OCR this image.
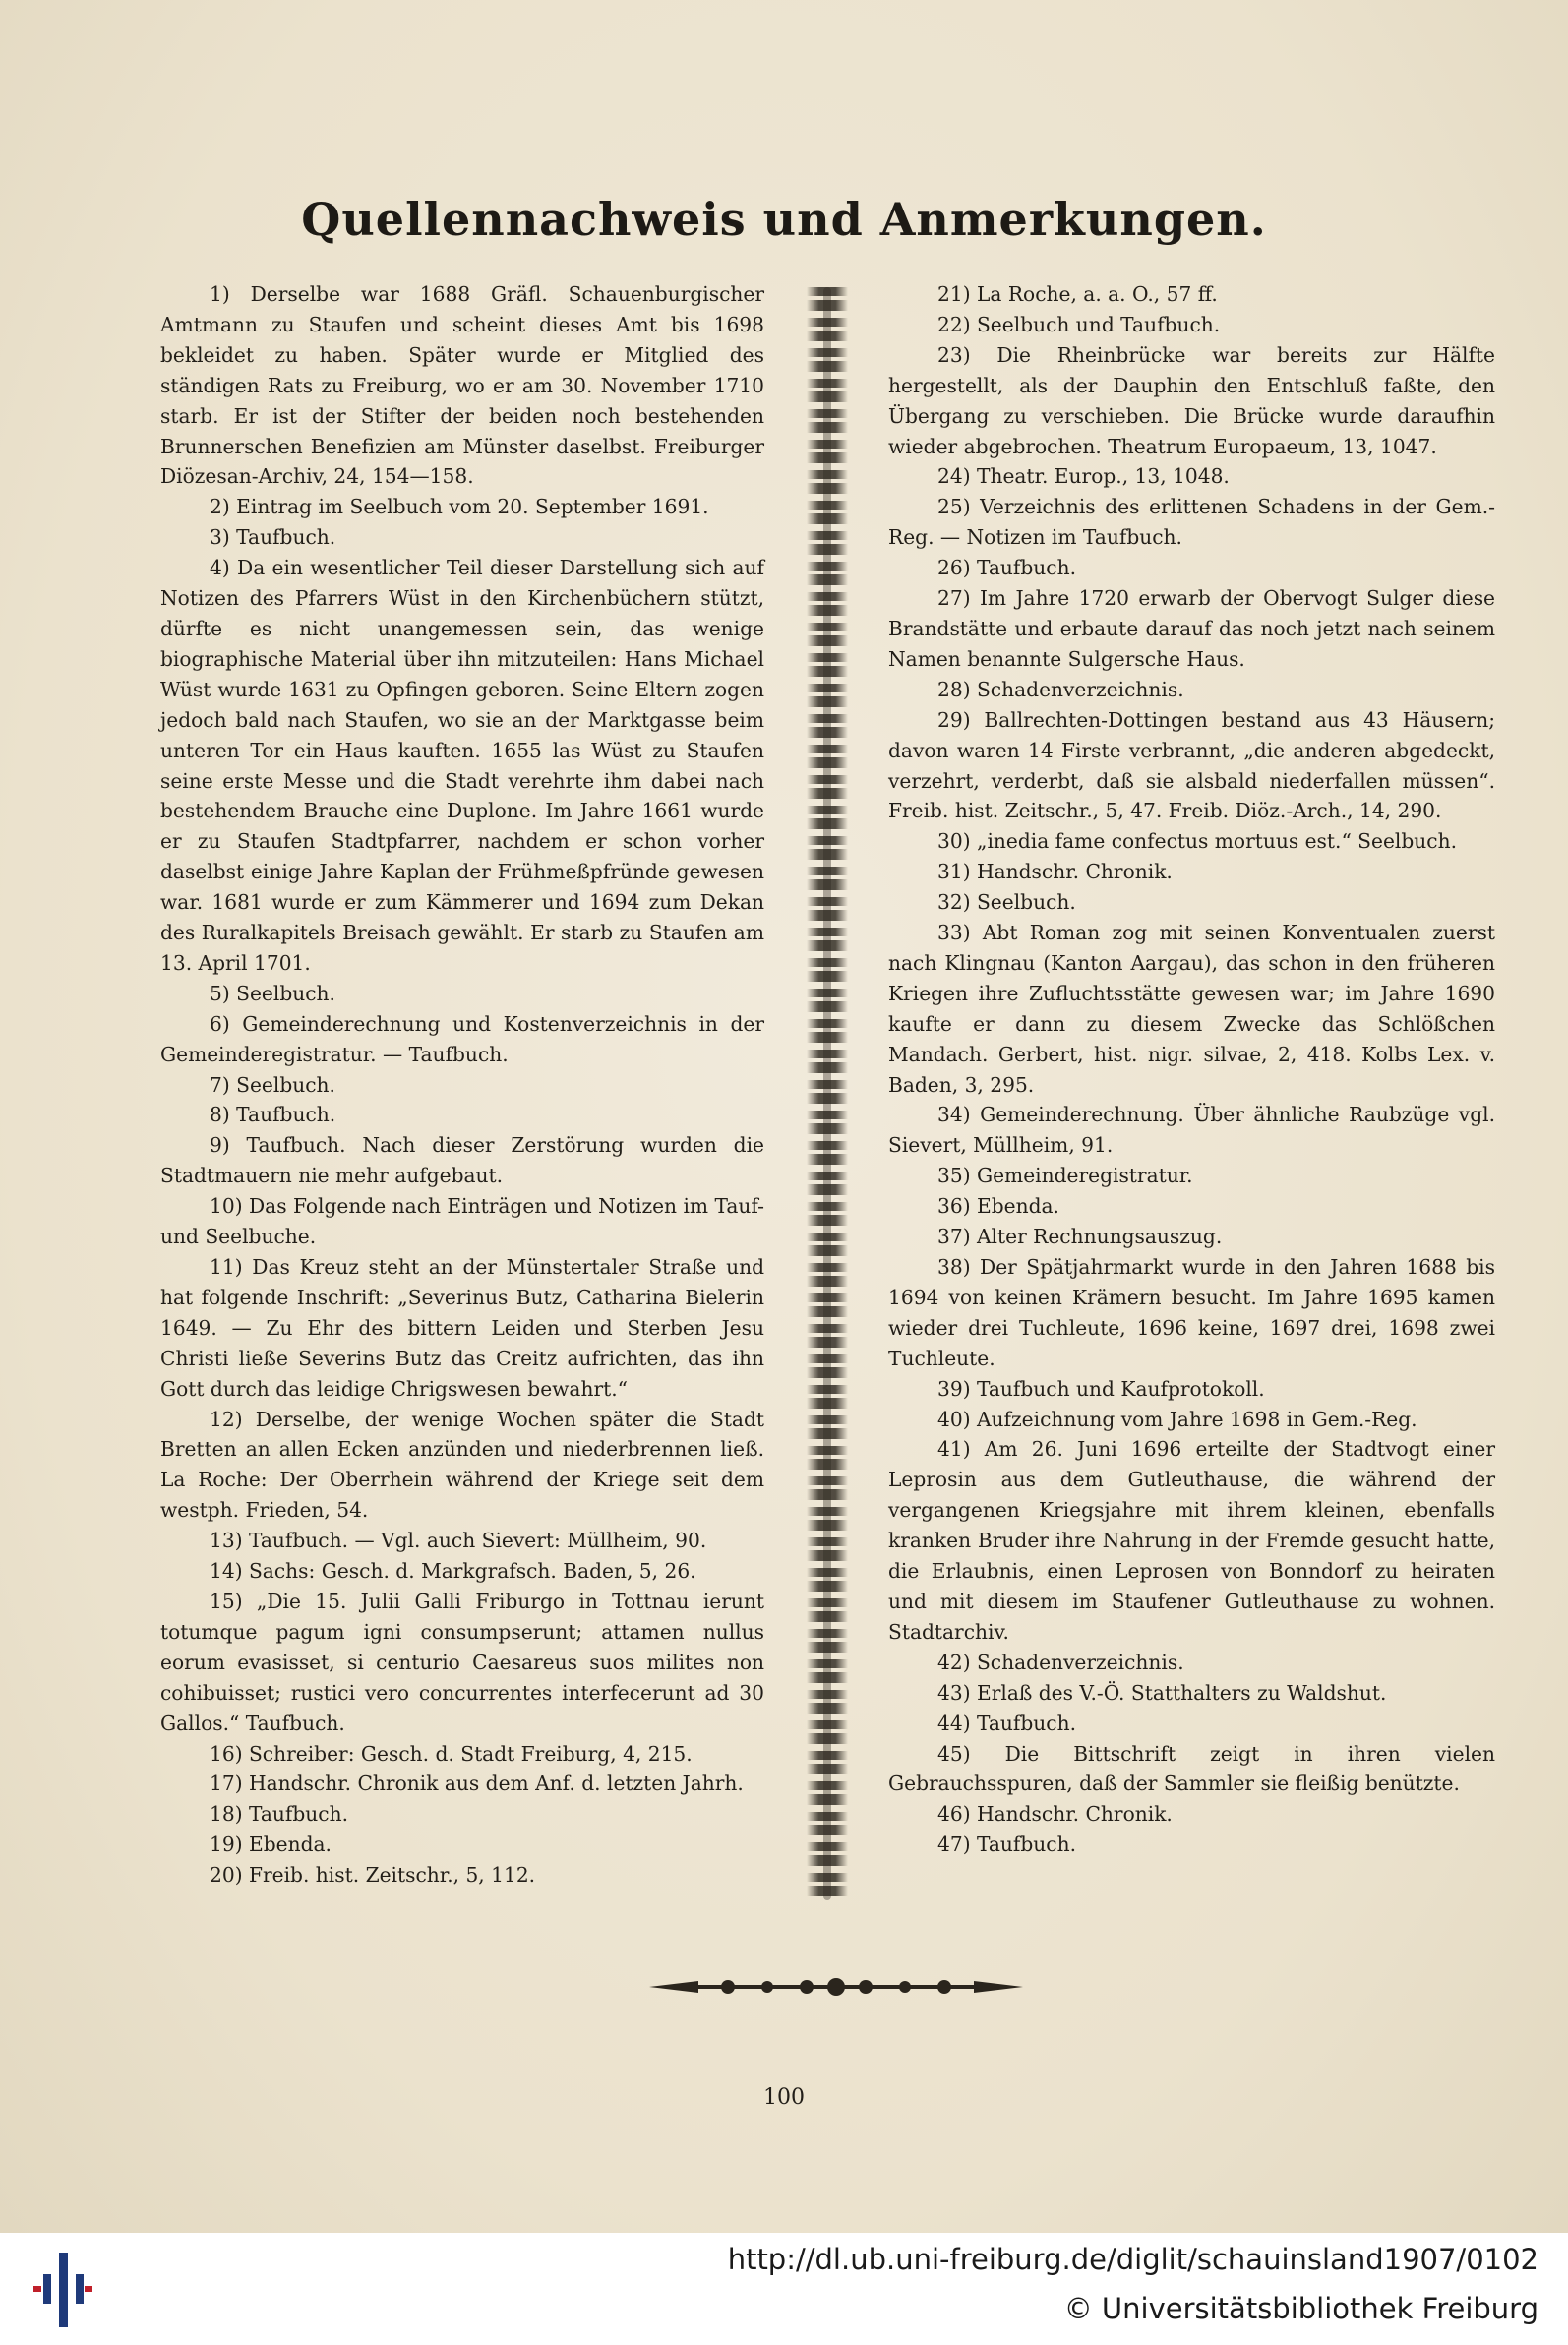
Quellennachweis und Anmerkungen.

1) Derselbe war 1688 Gräfl. Schauenburgischer Amtmann zu Staufen und scheint dieses Amt bis 1698 bekleidet zu haben. Später wurde er Mitglied des ständigen Rats zu Freiburg, wo er am 30. November 1710 starb. Er ist der Stifter der beiden noch bestehenden Brunnerschen Benefizien am Münster daselbst. Freiburger Diözesan-Archiv, 24, 154—158.

2) Eintrag im Seelbuch vom 20. September 1691.

3) Taufbuch.

4) Da ein wesentlicher Teil dieser Darstellung sich auf Notizen des Pfarrers Wüst in den Kirchenbüchern stützt, dürfte es nicht unangemessen sein, das wenige biographische Material über ihn mitzuteilen: Hans Michael Wüst wurde 1631 zu Opfingen geboren. Seine Eltern zogen jedoch bald nach Staufen, wo sie an der Marktgasse beim unteren Tor ein Haus kauften. 1655 las Wüst zu Staufen seine erste Messe und die Stadt verehrte ihm dabei nach bestehendem Brauche eine Duplone. Im Jahre 1661 wurde er zu Staufen Stadtpfarrer, nachdem er schon vorher daselbst einige Jahre Kaplan der Frühmeßpfründe gewesen war. 1681 wurde er zum Kämmerer und 1694 zum Dekan des Ruralkapitels Breisach gewählt. Er starb zu Staufen am 13. April 1701.

5) Seelbuch.

6) Gemeinderechnung und Kostenverzeichnis in der Gemeinderegistratur. — Taufbuch.

7) Seelbuch.

8) Taufbuch.

9) Taufbuch. Nach dieser Zerstörung wurden die Stadtmauern nie mehr aufgebaut.

10) Das Folgende nach Einträgen und Notizen im Tauf- und Seelbuche.

11) Das Kreuz steht an der Münstertaler Straße und hat folgende Inschrift: „Severinus Butz, Catharina Bielerin 1649. — Zu Ehr des bittern Leiden und Sterben Jesu Christi ließe Severins Butz das Creitz aufrichten, das ihn Gott durch das leidige Chrigswesen bewahrt.“

12) Derselbe, der wenige Wochen später die Stadt Bretten an allen Ecken anzünden und niederbrennen ließ. La Roche: Der Oberrhein während der Kriege seit dem westph. Frieden, 54.

13) Taufbuch. — Vgl. auch Sievert: Müllheim, 90.

14) Sachs: Gesch. d. Markgrafsch. Baden, 5, 26.

15) „Die 15. Julii Galli Friburgo in Tottnau ierunt totumque pagum igni consumpserunt; attamen nullus eorum evasisset, si centurio Caesareus suos milites non cohibuisset; rustici vero concurrentes interfecerunt ad 30 Gallos.“ Taufbuch.

16) Schreiber: Gesch. d. Stadt Freiburg, 4, 215.

17) Handschr. Chronik aus dem Anf. d. letzten Jahrh.

18) Taufbuch.

19) Ebenda.

20) Freib. hist. Zeitschr., 5, 112.

21) La Roche, a. a. O., 57 ff.

22) Seelbuch und Taufbuch.

23) Die Rheinbrücke war bereits zur Hälfte hergestellt, als der Dauphin den Entschluß faßte, den Übergang zu verschieben. Die Brücke wurde daraufhin wieder abgebrochen. Theatrum Europaeum, 13, 1047.

24) Theatr. Europ., 13, 1048.

25) Verzeichnis des erlittenen Schadens in der Gem.-Reg. — Notizen im Taufbuch.

26) Taufbuch.

27) Im Jahre 1720 erwarb der Obervogt Sulger diese Brandstätte und erbaute darauf das noch jetzt nach seinem Namen benannte Sulgersche Haus.

28) Schadenverzeichnis.

29) Ballrechten-Dottingen bestand aus 43 Häusern; davon waren 14 Firste verbrannt, „die anderen abgedeckt, verzehrt, verderbt, daß sie alsbald niederfallen müssen“. Freib. hist. Zeitschr., 5, 47. Freib. Diöz.-Arch., 14, 290.

30) „inedia fame confectus mortuus est.“ Seelbuch.

31) Handschr. Chronik.

32) Seelbuch.

33) Abt Roman zog mit seinen Konventualen zuerst nach Klingnau (Kanton Aargau), das schon in den früheren Kriegen ihre Zufluchtsstätte gewesen war; im Jahre 1690 kaufte er dann zu diesem Zwecke das Schlößchen Mandach. Gerbert, hist. nigr. silvae, 2, 418. Kolbs Lex. v. Baden, 3, 295.

34) Gemeinderechnung. Über ähnliche Raubzüge vgl. Sievert, Müllheim, 91.

35) Gemeinderegistratur.

36) Ebenda.

37) Alter Rechnungsauszug.

38) Der Spätjahrmarkt wurde in den Jahren 1688 bis 1694 von keinen Krämern besucht. Im Jahre 1695 kamen wieder drei Tuchleute, 1696 keine, 1697 drei, 1698 zwei Tuchleute.

39) Taufbuch und Kaufprotokoll.

40) Aufzeichnung vom Jahre 1698 in Gem.-Reg.

41) Am 26. Juni 1696 erteilte der Stadtvogt einer Leprosin aus dem Gutleuthause, die während der vergangenen Kriegsjahre mit ihrem kleinen, ebenfalls kranken Bruder ihre Nahrung in der Fremde gesucht hatte, die Erlaubnis, einen Leprosen von Bonndorf zu heiraten und mit diesem im Staufener Gutleuthause zu wohnen. Stadtarchiv.

42) Schadenverzeichnis.

43) Erlaß des V.-Ö. Statthalters zu Waldshut.

44) Taufbuch.

45) Die Bittschrift zeigt in ihren vielen Gebrauchsspuren, daß der Sammler sie fleißig benützte.

46) Handschr. Chronik.

47) Taufbuch.

100
http://dl.ub.uni-freiburg.de/diglit/schauinsland1907/0102
© Universitätsbibliothek Freiburg
